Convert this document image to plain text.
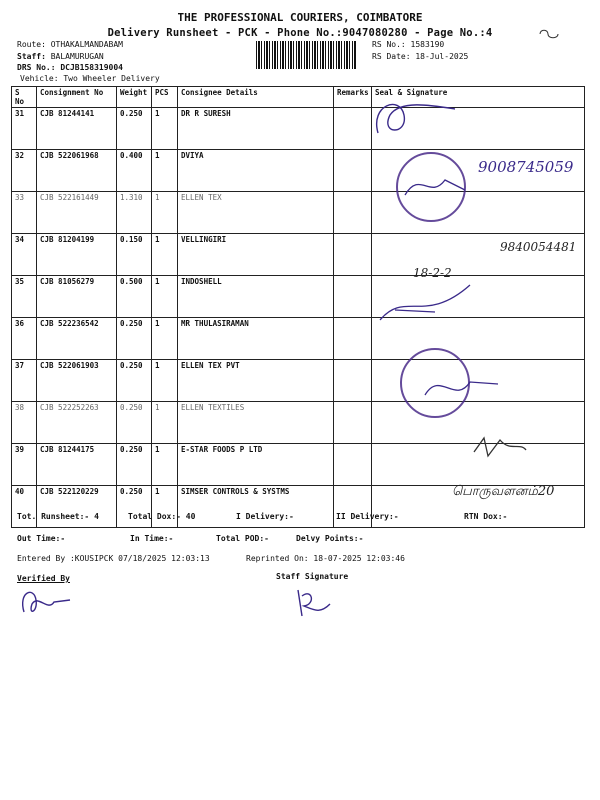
THE PROFESSIONAL COURIERS, COIMBATORE
Delivery Runsheet - PCK - Phone No.:9047080280 - Page No.:4
Route: OTHAKALMANDABAM
Staff: BALAMURUGAN
DRS No.: DCJB158319004
Vehicle: Two Wheeler Delivery
RS No.: 1583190
RS Date: 18-Jul-2025
S No	Consignment No	Weight	PCS	Consignee Details	Remarks	Seal & Signature
31	CJB 81244141	0.250	1	DR R SURESH		
32	CJB 522061968	0.400	1	DVIYA		
33	CJB 522161449	1.310	1	ELLEN TEX		
34	CJB 81204199	0.150	1	VELLINGIRI		
35	CJB 81056279	0.500	1	INDOSHELL		
36	CJB 522236542	0.250	1	MR THULASIRAMAN		
37	CJB 522061903	0.250	1	ELLEN TEX PVT		
38	CJB 522252263	0.250	1	ELLEN TEXTILES		
39	CJB 81244175	0.250	1	E-STAR FOODS P LTD		
40	CJB 522120229	0.250	1	SIMSER CONTROLS & SYSTMS		
9008745059
9840054481
18-2-2
பொருவளனம்20
Tot. Runsheet:- 4	Total Dox:- 40	I Delivery:-	II Delivery:-	RTN Dox:-
Out Time:-	In Time:-	Total POD:-	Delvy Points:-
Entered By :KOUSIPCK 07/18/2025 12:03:13	Reprinted On: 18-07-2025 12:03:46
Verified By	Staff Signature
